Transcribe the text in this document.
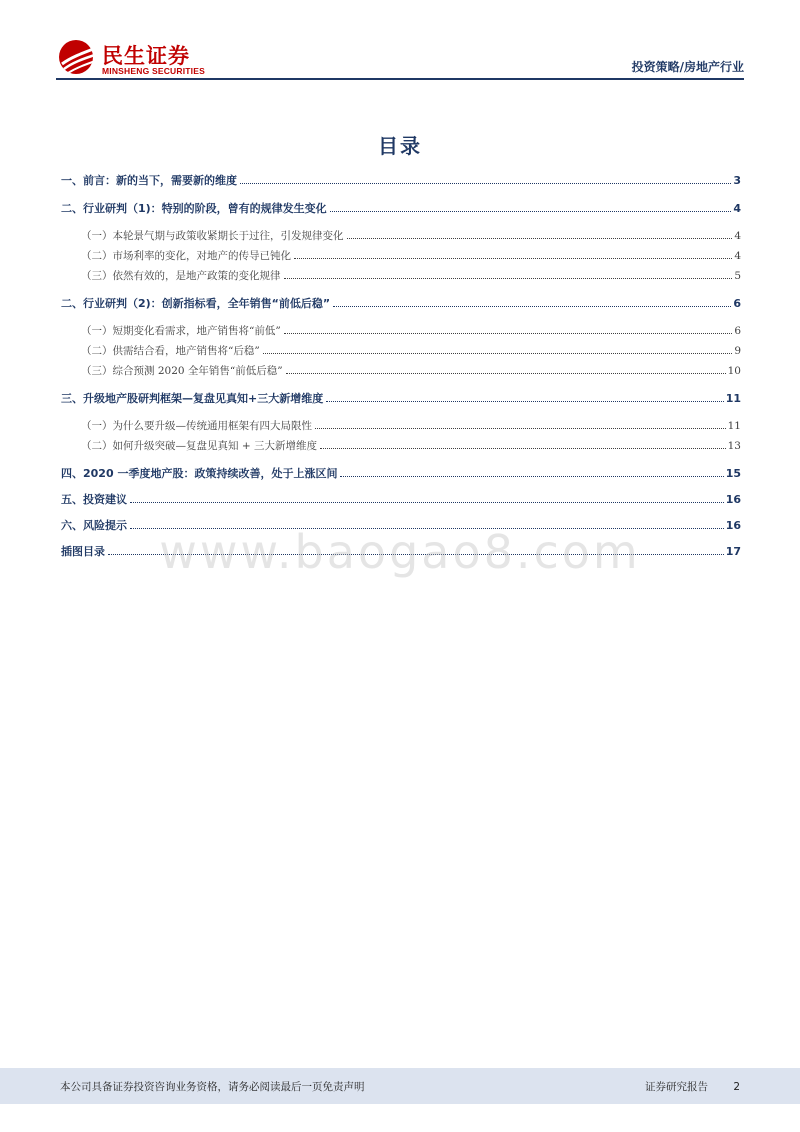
民生证券
MINSHENG SECURITIES	投资策略/房地产行业
目录
一、前言：新的当下，需要新的维度	3
二、行业研判（1)：特别的阶段，曾有的规律发生变化	4
（一）本轮景气期与政策收紧期长于过往，引发规律变化	4
（二）市场利率的变化，对地产的传导已钝化	4
（三）依然有效的，是地产政策的变化规律	5
二、行业研判（2)：创新指标看，全年销售“前低后稳”	6
（一）短期变化看需求，地产销售将“前低”	6
（二）供需结合看，地产销售将“后稳”	9
（三）综合预测 2020 全年销售“前低后稳”	10
三、升级地产股研判框架—复盘见真知+三大新增维度	11
（一）为什么要升级—传统通用框架有四大局限性	11
（二）如何升级突破—复盘见真知 + 三大新增维度	13
四、2020 一季度地产股：政策持续改善，处于上涨区间	15
五、投资建议	16
六、风险提示	16
插图目录	17
www.baogao8.com
本公司具备证券投资咨询业务资格，请务必阅读最后一页免责声明	证券研究报告 2
